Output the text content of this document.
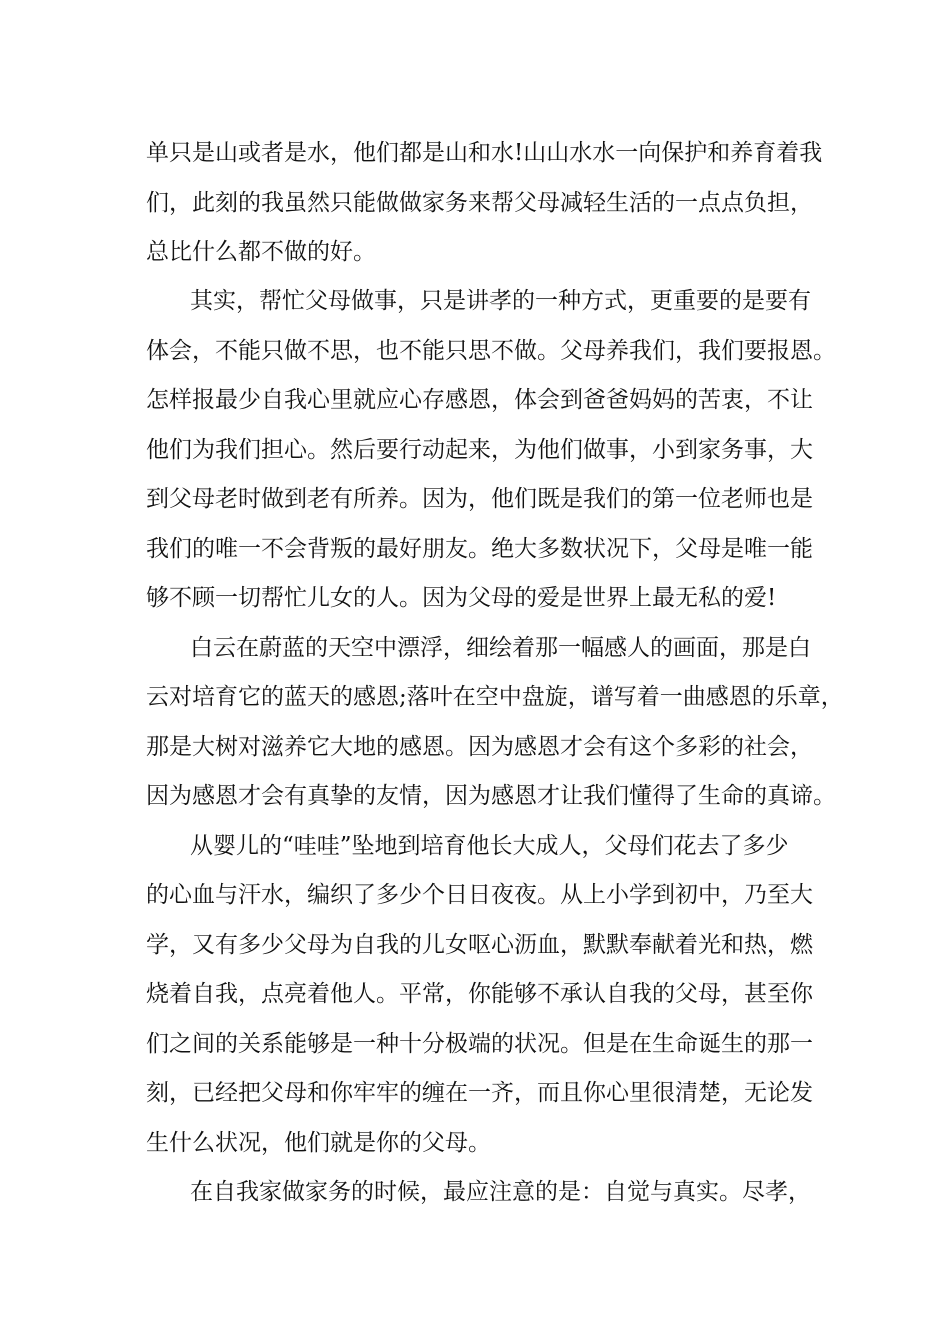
单只是山或者是水，他们都是山和水!山山水水一向保护和养育着我
们，此刻的我虽然只能做做家务来帮父母减轻生活的一点点负担，
总比什么都不做的好。
其实，帮忙父母做事，只是讲孝的一种方式，更重要的是要有
体会，不能只做不思，也不能只思不做。父母养我们，我们要报恩。
怎样报最少自我心里就应心存感恩，体会到爸爸妈妈的苦衷，不让
他们为我们担心。然后要行动起来，为他们做事，小到家务事，大
到父母老时做到老有所养。因为，他们既是我们的第一位老师也是
我们的唯一不会背叛的最好朋友。绝大多数状况下，父母是唯一能
够不顾一切帮忙儿女的人。因为父母的爱是世界上最无私的爱!
白云在蔚蓝的天空中漂浮，细绘着那一幅感人的画面，那是白
云对培育它的蓝天的感恩;落叶在空中盘旋，谱写着一曲感恩的乐章，
那是大树对滋养它大地的感恩。因为感恩才会有这个多彩的社会，
因为感恩才会有真挚的友情，因为感恩才让我们懂得了生命的真谛。
从婴儿的“哇哇”坠地到培育他长大成人，父母们花去了多少
的心血与汗水，编织了多少个日日夜夜。从上小学到初中，乃至大
学，又有多少父母为自我的儿女呕心沥血，默默奉献着光和热，燃
烧着自我，点亮着他人。平常，你能够不承认自我的父母，甚至你
们之间的关系能够是一种十分极端的状况。但是在生命诞生的那一
刻，已经把父母和你牢牢的缠在一齐，而且你心里很清楚，无论发
生什么状况，他们就是你的父母。
在自我家做家务的时候，最应注意的是：自觉与真实。尽孝，
